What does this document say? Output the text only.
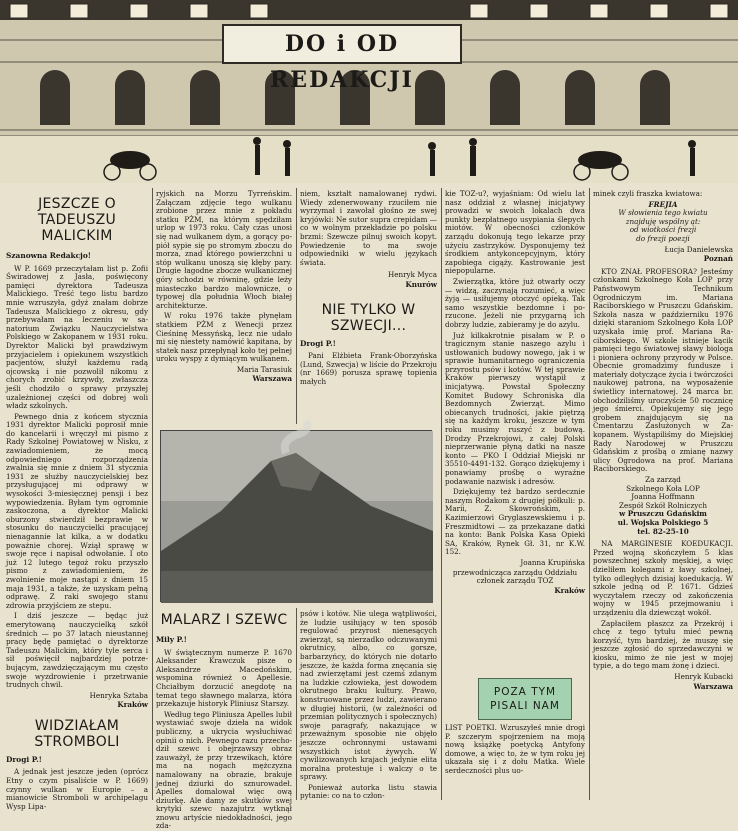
DO i OD REDAKCJI
JESZCZE O TADEUSZU MALICKIM
Szanowna Redakcjo!

W P. 1669 przeczytałam list p. Zofii Świradowej z Jasła, poświęcony pamięci dyrektora Tadeusza Malickiego. Treść tego listu bardzo mnie wzruszyła, gdyż znałam dobrze Tadeusza Malickiego z okresu, gdy przebywałam na leczeniu w sanatorium Związku Nauczycielstwa Polskiego w Zakopanem w 1931 roku. Dyrektor Malicki był prawdziwym przyjacielem i opiekunem wszystkich pacjentów, służył każdemu radą ojcowską i nie pozwolił nikomu z chorych zrobić krzywdy, zwłaszcza jeśli chodziło o sprawy przyszłej uzależnionej części od dobrej woli władz szkolnych.

Pewnego dnia z końcem stycznia 1931 dyrektor Malicki poprosił mnie do kancelarii i wręczył mi pismo z Rady Szkolnej Powiatowej w Nisku, z zawiadomieniem, że mocą odpowiedniego rozporządzenia zwalnia się mnie z dniem 31 stycznia 1931 ze służby nauczycielskiej bez przysługującej mi odprawy w wysokości 3-miesięcznej pensji i bez wypowiedzenia. Byłam tym ogromnie zaskoczona, a dyrektor Malicki oburzony stwierdził bezprawie w stosunku do nauczycielki pracującej nienagannie lat kilka, a w dodatku poważnie chorej. Wziął sprawę w swoje ręce i napisał odwołanie. I oto już 12 lutego tegoż roku przyszło pismo z zawiadomieniem, że zwolnienie moje nastąpi z dniem 15 maja 1931, a także, że uzyskam pełną odprawę. Z raki swojego stanu zdrowia przyjściem ze stepu.

I dziś jeszcze — będąc już emerytowaną nauczycielką szkół średnich — po 37 latach nieustannej pracy będę pamiętać o dyrektorze Tadeuszu Malickim, który tyle serca i sił poświęcił najbardziej potrzebującym, zawdzięczającym mu często swoje wyzdrowienie i przetrwanie trudnych chwil.

Henryka Sztaba
Kraków
WIDZIAŁAM STROMBOLI
Drogi P.!

A jednak jest jeszcze jeden (oprócz Etny o czym pisaliście w P. 1669) czynny wulkan w Europie – a mianowicie Stromboli w archipelagu Wysp Lipa-

ryjskich na Morzu Tyrreńskim. Załączam zdjęcie tego wulkanu zrobione przez mnie z pokładu statku PŻM, na którym spędziłam urlop w 1973 roku. Cały czas unosi się nad wulkanem dym, a gorący popiół sypie się po stromym zboczu do morza, znad którego powierzchni u stóp wulkanu unoszą się kłęby pary. Drugie łagodne zbocze wulkanicznej góry schodzi w równinę, gdzie leży miasteczko bardzo malownicze, o typowej dla południa Włoch białej architekturze.

W roku 1976 także płynęłam statkiem PŻM z Wenecji przez Cieśninę Messyńską, lecz nie udało mi się niestety namówić kapitana, by statek nasz przepłynął koło tej pełnej uroku wyspy z dymiącym wulkanem.

Maria Tarasiuk
Warszawa

niem, kształt namalowanej rydwi. Wiedy zdenerwowany rzuciłem nie wyrzymał i zawołał głośno ze swej kryjówki: Ne sutor supra crepidam — co w wolnym przekładzie po polsku brzmi: Szewcze pilnuj swoich kopyt. Powiedzenie to ma swoje odpowiedniki w wielu językach świata.

Henryk Myca
Knurów
NIE TYLKO W SZWECJI...
Drogi P.!

Pani Elżbieta Frank-Oborzyńska (Lund, Szwecja) w liście do Przekroju (nr 1669) porusza sprawę topienia małych

MALARZ I SZEWC
Mily P.!

W świątecznym numerze P. 1670 Aleksander Krawczuk pisze o Aleksandrze Macedońskim, wspomina również o Apellesie. Chciałbym dorzucić anegdotę na temat tego sławnego malarza, która przekazuje historyk Pliniusz Starszy.

Według tego Pliniusza Apelles lubił wystawiać swoje dzieła na widok publiczny, a ukrycia wysłuchiwać opinii o nich. Pewnego razu przechodził szewc i obejrzawszy obraz zauważył, że przy trzewikach, które ma na nogach mężczyzna namalowany na obrazie, brakuje jednej dziurki do sznurowadeł. Apelles domalował więc ową dziurkę. Ale damy ze skutków swej krytyki szewc nazajutrz wytknął znowu artyście niedokładności, jego zda-

psów i kotów. Nie ulega wątpliwości, że ludzie usiłujący w ten sposób regulować przyrost nienesących zwierząt, są nierzadko odczuwanymi okrutnicy, albo, co gorsze, barbarzyńcy, do których nie dotarło jeszcze, że każda forma znęcania się nad zwierzętami jest czemś zdanym na ludzkie człowieka, jest dowodem okrutnego braku kultury. Prawo, konstruowane przez ludzi, zawierano w długiej historii, (w zależności od przemian politycznych i społecznych) swoje paragrafy, nakazujące w przeważnym sposobie nie objęło jeszcze ochronnymi ustawami wszystkich istot żywych. W cywilizowanych krajach jedynie elita moralna protestuje i walczy o te sprawy.

Ponieważ autorka listu stawia pytanie: co na to człon-

kie TOZ-u?, wyjaśniam: Od wielu lat nasz oddział z własnej inicjatywy prowadzi w swoich lokalach dwa punkty bezpłatnego usypiania ślepych miotów. W obecności członków zarządu dokonują tego lekarze przy użyciu zastrzyków. Dysponujemy też środkiem antykoncepcyjnym, który zapobiega cigąży. Kastrowanie jest niepopularne.

Zwierzątka, które już otwarły oczy — widzą, zaczynają rozumieć, a więc żyją — usiłujemy otoczyć opieką. Tak samo wszystkie bezdomne i porzucone. Jeżeli nie przygarną ich dobrzy ludzie, zabieramy je do azylu.

Już kilkakrotnie pisałam w P. o tragicznym stanie naszego azylu i ustłowanich budowy nowego, jak i w sprawie humanitarnego ograniczenia przyrostu psów i kotów. W tej sprawie Kraków pierwszy wystąpił z inicjatywą. Powstał Społeczny Komitet Budowy Schroniska dla Bezdomnych Zwierząt. Mimo obiecanych trudności, jakie piętrzą się na każdym kroku, jeszcze w tym roku musimy ruszyć z budową. Drodzy Przekrojowi, z całej Polski nieprzerwanie płyną datki na nasze konto — PKO I Oddział Miejski nr 35510-4491-132. Gorąco dziękujemy i ponawiamy prośbę o wyraźne podawanie nazwisk i adresów.

Dziękujemy też bardzo serdecznie naszym Rodakom z drugiej półkuli: p. Marii, Z. Skowrońskim, p. Kazimierzowi Gryglaszewskiemu i p. Freszmidtowi — za przekazane datki na konto: Bank Polska Kasa Opieki SA, Kraków, Rynek Gł. 31, nr K.W. 152.

Joanna Krupińska
przewodnicząca zarządu Oddziału członek zarządu TOZ
Kraków
POZA TYM PISALI NAM

LIST POETKI. Wzruszyłeś mnie drogi P. szczerym spojrzeniem na moją nową książkę poetycką Antyfony domowe, a więc to, że w tym roku jej ukazała się i z dołu Matka. Wiele serdeczności plus uo-

minek czyli fraszka kwiatowa:

FREJIA
W słowienia tego kwiatu
znajduję wspólny ąt:
od wiotkości frezji
do frezji poezji
Łucja Danielewska
Poznań

KTO ZNAŁ PROFESORA? Jesteśmy członkami Szkolnego Koła LOP przy Państwowym Technikum Ogrodniczym im. Mariana Raciborskiego w Pruszczu Gdańskim. Szkoła nasza w październiku 1976 dzięki staraniom Szkolnego Koła LOP uzyskała imię prof. Mariana Raciborskiego. W szkole istnieje kącik pamięci tego światowej sławy biologa i pioniera ochrony przyrody w Polsce. Obecnie gromadzimy fundusze i materiały dotyczące życia i twórczości naukowej patrona, na wyposażenie świetlicy internatowej. 24 marca br. obchodziliśmy uroczyście 50 rocznicę jego śmierci. Opiekujemy się jego grobem znajdującym się na Cmentarzu Zasłużonych w Zakopanem. Wystąpiliśmy do Miejskiej Rady Narodowej w Pruszczu Gdańskim z prośbą o zmianę nazwy ulicy Ogrodowa na prof. Mariana Raciborskiego.

Za zarząd
Szkolnego Koła LOP
Joanna Hoffmann
Zespół Szkół Rolniczych
w Pruszczu Gdańskim
ul. Wojska Polskiego 5
tel. 82-25-10

NA MARGINESIE KOEDUKACJI. Przed wojną skończyłem 5 klas powszechnej szkoły męskiej, a więc dzieliłem kolegami z ławy szkolnej, tylko odległych dzisiaj koedukacją. W szkole jedną od P. 1671. Gdzieś wyczytałem rzeczy od zakończenia wojny w 1945 przejmowaniu i urządzeniu dla dziewcząt wokół.

Zapłaciłem płaszcz za Przekrój i chcę z tego tytułu mieć pewną korzyść, tym bardziej, że muszę się jeszcze zgłosić do sprzedawczyni w kiosku, mimo że nie jest w mojej typie, a do tego mam żonę i dzieci.

Henryk Kubacki
Warszawa
